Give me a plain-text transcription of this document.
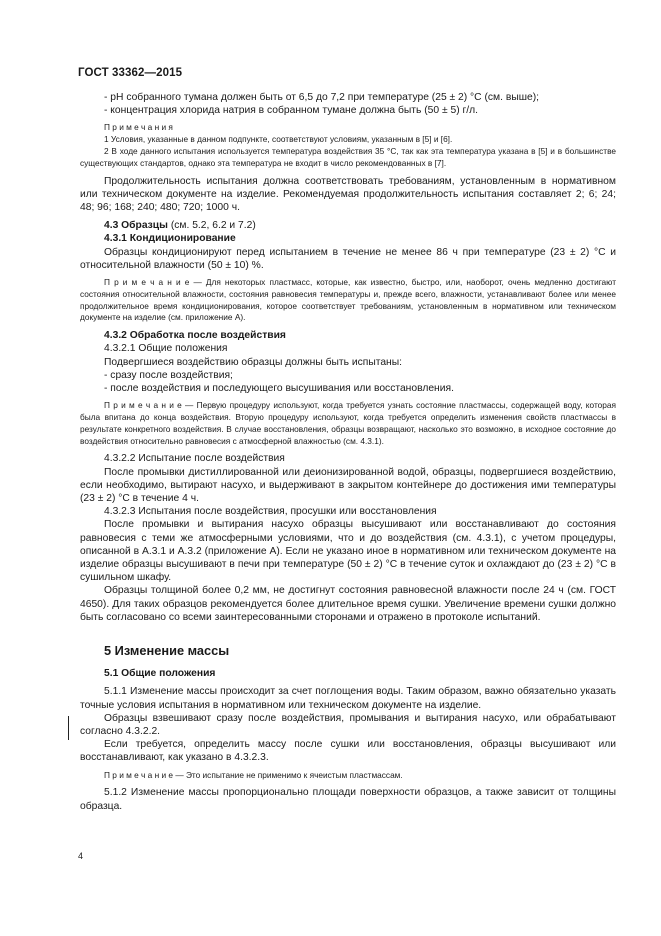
ГОСТ 33362—2015

- pH собранного тумана должен быть от 6,5 до 7,2 при температуре (25 ± 2) °С (см. выше);

- концентрация хлорида натрия в собранном тумане должна быть (50 ± 5) г/л.

П р и м е ч а н и я

1 Условия, указанные в данном подпункте, соответствуют условиям, указанным в [5] и [6].

2 В ходе данного испытания используется температура воздействия 35 °С, так как эта температура указана в [5] и в большинстве существующих стандартов, однако эта температура не входит в число рекомендованных в [7].

Продолжительность испытания должна соответствовать требованиям, установленным в нормативном или техническом документе на изделие. Рекомендуемая продолжительность испытания составляет 2; 6; 24; 48; 96; 168; 240; 480; 720; 1000 ч.

4.3 Образцы (см. 5.2, 6.2 и 7.2)

4.3.1 Кондиционирование

Образцы кондиционируют перед испытанием в течение не менее 86 ч при температуре (23 ± 2) °С и относительной влажности (50 ± 10) %.

П р и м е ч а н и е — Для некоторых пластмасс, которые, как известно, быстро, или, наоборот, очень медленно достигают состояния относительной влажности, состояния равновесия температуры и, прежде всего, влажности, устанавливают более или менее продолжительное время кондиционирования, которое соответствует требованиям, установленным в нормативном или техническом документе на изделие (см. приложение А).

4.3.2 Обработка после воздействия

4.3.2.1 Общие положения

Подвергшиеся воздействию образцы должны быть испытаны:

- сразу после воздействия;

- после воздействия и последующего высушивания или восстановления.

П р и м е ч а н и е — Первую процедуру используют, когда требуется узнать состояние пластмассы, содержащей воду, которая была впитана до конца воздействия. Вторую процедуру используют, когда требуется определить изменения свойств пластмассы в результате конкретного воздействия. В случае восстановления, образцы возвращают, насколько это возможно, в исходное состояние до воздействия относительно равновесия с атмосферной влажностью (см. 4.3.1).

4.3.2.2 Испытание после воздействия

После промывки дистиллированной или деионизированной водой, образцы, подвергшиеся воздействию, если необходимо, вытирают насухо, и выдерживают в закрытом контейнере до достижения ими температуры (23 ± 2) °С в течение 4 ч.

4.3.2.3 Испытания после воздействия, просушки или восстановления

После промывки и вытирания насухо образцы высушивают или восстанавливают до состояния равновесия с теми же атмосферными условиями, что и до воздействия (см. 4.3.1), с учетом процедуры, описанной в А.3.1 и А.3.2 (приложение А). Если не указано иное в нормативном или техническом документе на изделие образцы высушивают в печи при температуре (50 ± 2) °С в течение суток и охлаждают до (23 ± 2) °С в сушильном шкафу.

Образцы толщиной более 0,2 мм, не достигнут состояния равновесной влажности после 24 ч (см. ГОСТ 4650). Для таких образцов рекомендуется более длительное время сушки. Увеличение времени сушки должно быть согласовано со всеми заинтересованными сторонами и отражено в протоколе испытаний.

5 Изменение массы

5.1 Общие положения

5.1.1 Изменение массы происходит за счет поглощения воды. Таким образом, важно обязательно указать точные условия испытания в нормативном или техническом документе на изделие.

Образцы взвешивают сразу после воздействия, промывания и вытирания насухо, или обрабатывают согласно 4.3.2.2.

Если требуется, определить массу после сушки или восстановления, образцы высушивают или восстанавливают, как указано в 4.3.2.3.

П р и м е ч а н и е — Это испытание не применимо к ячеистым пластмассам.

5.1.2 Изменение массы пропорционально площади поверхности образцов, а также зависит от толщины образца.

4
